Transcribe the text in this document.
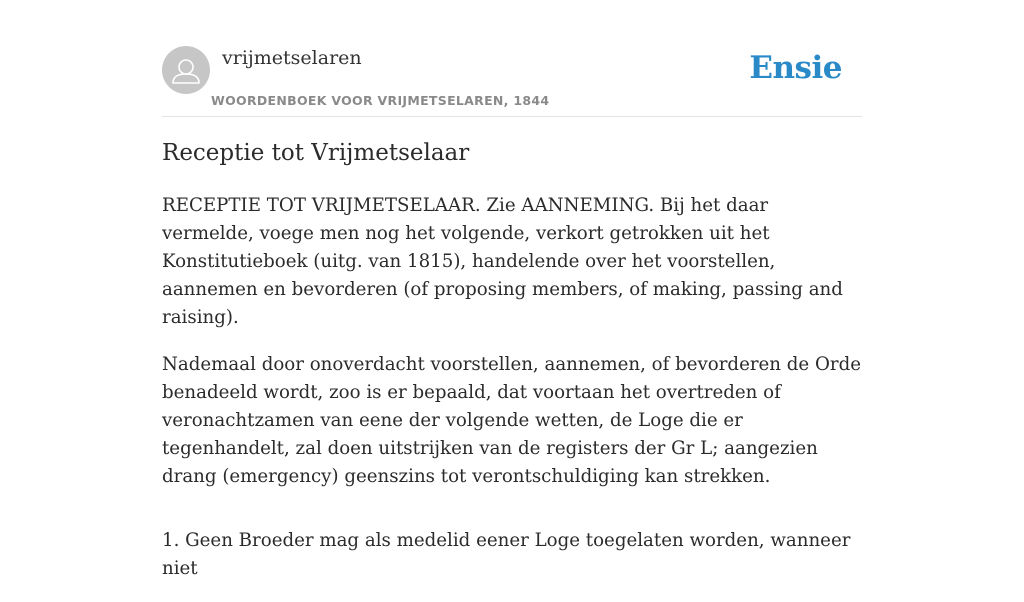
vrijmetselaren
WOORDENBOEK VOOR VRIJMETSELAREN, 1844
Ensie
Receptie tot Vrijmetselaar

RECEPTIE TOT VRIJMETSELAAR. Zie AANNEMING. Bij het daar vermelde, voege men nog het volgende, verkort getrokken uit het Konstitutieboek (uitg. van 1815), handelende over het voorstellen, aannemen en bevorderen (of proposing members, of making, passing and raising).

Nademaal door onoverdacht voorstellen, aannemen, of bevorderen de Orde benadeeld wordt, zoo is er bepaald, dat voortaan het overtreden of veronachtzamen van eene der volgende wetten, de Loge die er tegenhandelt, zal doen uitstrijken van de registers der Gr L; aangezien drang (emergency) geenszins tot verontschuldiging kan strekken.

1. Geen Broeder mag als medelid eener Loge toegelaten worden, wanneer niet
